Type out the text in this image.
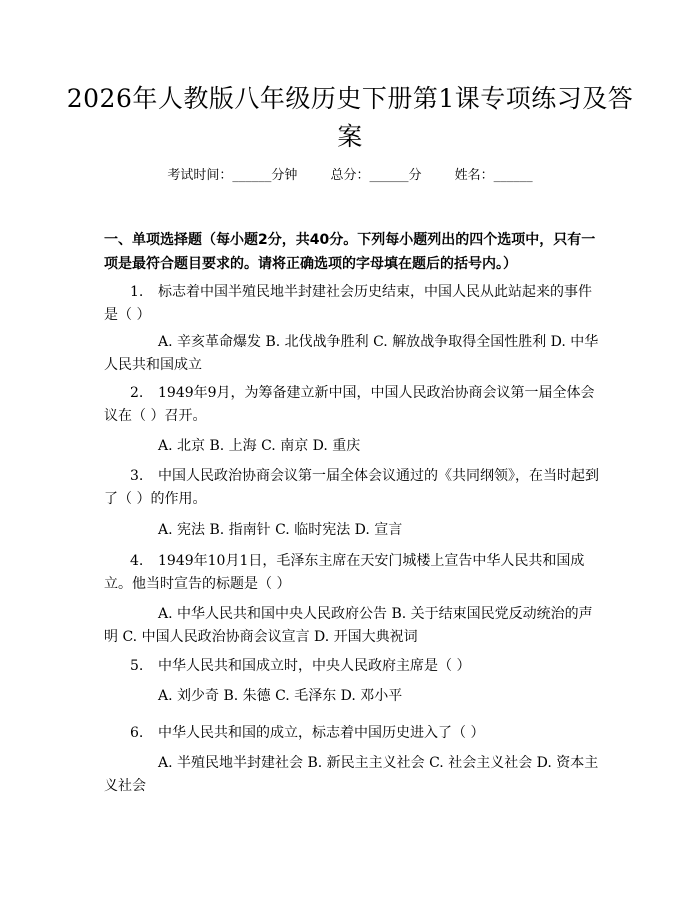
2026年人教版八年级历史下册第1课专项练习及答案
考试时间：______分钟	总分：______分	姓名：______
一、单项选择题（每小题2分，共40分。下列每小题列出的四个选项中，只有一项是最符合题目要求的。请将正确选项的字母填在题后的括号内。）
1. 标志着中国半殖民地半封建社会历史结束，中国人民从此站起来的事件是（ ）
A. 辛亥革命爆发 B. 北伐战争胜利 C. 解放战争取得全国性胜利 D. 中华人民共和国成立
2. 1949年9月，为筹备建立新中国，中国人民政治协商会议第一届全体会议在（ ）召开。
A. 北京 B. 上海 C. 南京 D. 重庆
3. 中国人民政治协商会议第一届全体会议通过的《共同纲领》，在当时起到了（ ）的作用。
A. 宪法 B. 指南针 C. 临时宪法 D. 宣言
4. 1949年10月1日，毛泽东主席在天安门城楼上宣告中华人民共和国成立。他当时宣告的标题是（ ）
A. 中华人民共和国中央人民政府公告 B. 关于结束国民党反动统治的声明 C. 中国人民政治协商会议宣言 D. 开国大典祝词
5. 中华人民共和国成立时，中央人民政府主席是（ ）
A. 刘少奇 B. 朱德 C. 毛泽东 D. 邓小平
6. 中华人民共和国的成立，标志着中国历史进入了（ ）
A. 半殖民地半封建社会 B. 新民主主义社会 C. 社会主义社会 D. 资本主义社会
